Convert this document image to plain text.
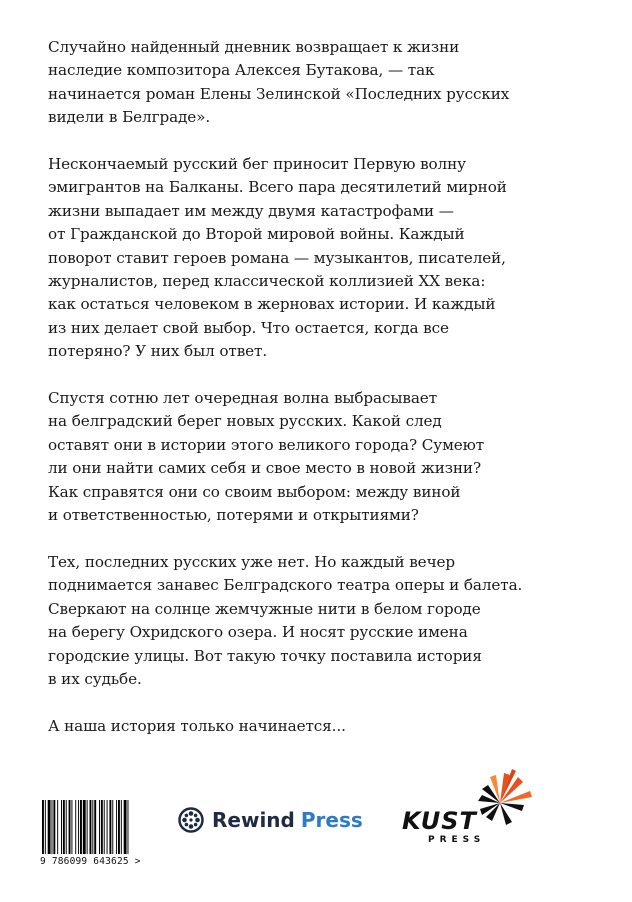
Случайно найденный дневник возвращает к жизни
наследие композитора Алексея Бутакова, — так
начинается роман Елены Зелинской «Последних русских
видели в Белграде».
Нескончаемый русский бег приносит Первую волну
эмигрантов на Балканы. Всего пара десятилетий мирной
жизни выпадает им между двумя катастрофами —
от Гражданской до Второй мировой войны. Каждый
поворот ставит героев романа — музыкантов, писателей,
журналистов, перед классической коллизией XX века:
как остаться человеком в жерновах истории. И каждый
из них делает свой выбор. Что остается, когда все
потеряно? У них был ответ.
Спустя сотню лет очередная волна выбрасывает
на белградский берег новых русских. Какой след
оставят они в истории этого великого города? Сумеют
ли они найти самих себя и свое место в новой жизни?
Как справятся они со своим выбором: между виной
и ответственностью, потерями и открытиями?
Тех, последних русских уже нет. Но каждый вечер
поднимается занавес Белградского театра оперы и балета.
Сверкают на солнце жемчужные нити в белом городе
на берегу Охридского озера. И носят русские имена
городские улицы. Вот такую точку поставила история
в их судьбе.
А наша история только начинается...
9 786099 643625 >
Rewind Press KUST
PRESS
